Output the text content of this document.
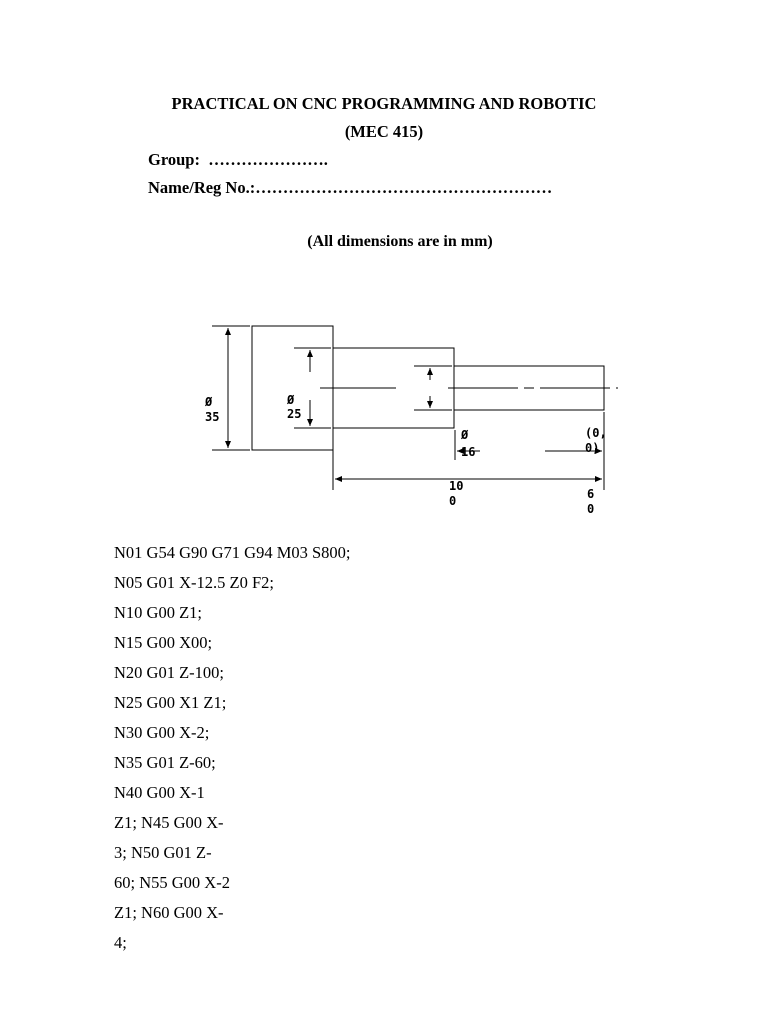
PRACTICAL ON CNC PROGRAMMING AND ROBOTIC
(MEC 415)
Group: ………………….
Name/Reg No.:………………………………………………
(All dimensions are in mm)
Ø
35
Ø
25
Ø
16
(0,
0)
10
0	6
0
N01 G54 G90 G71 G94 M03 S800;
N05 G01 X-12.5 Z0 F2;
N10 G00 Z1;
N15 G00 X00;
N20 G01 Z-100;
N25 G00 X1 Z1;
N30 G00 X-2;
N35 G01 Z-60;
N40 G00 X-1
Z1; N45 G00 X-
3; N50 G01 Z-
60; N55 G00 X-2
Z1; N60 G00 X-
4;
